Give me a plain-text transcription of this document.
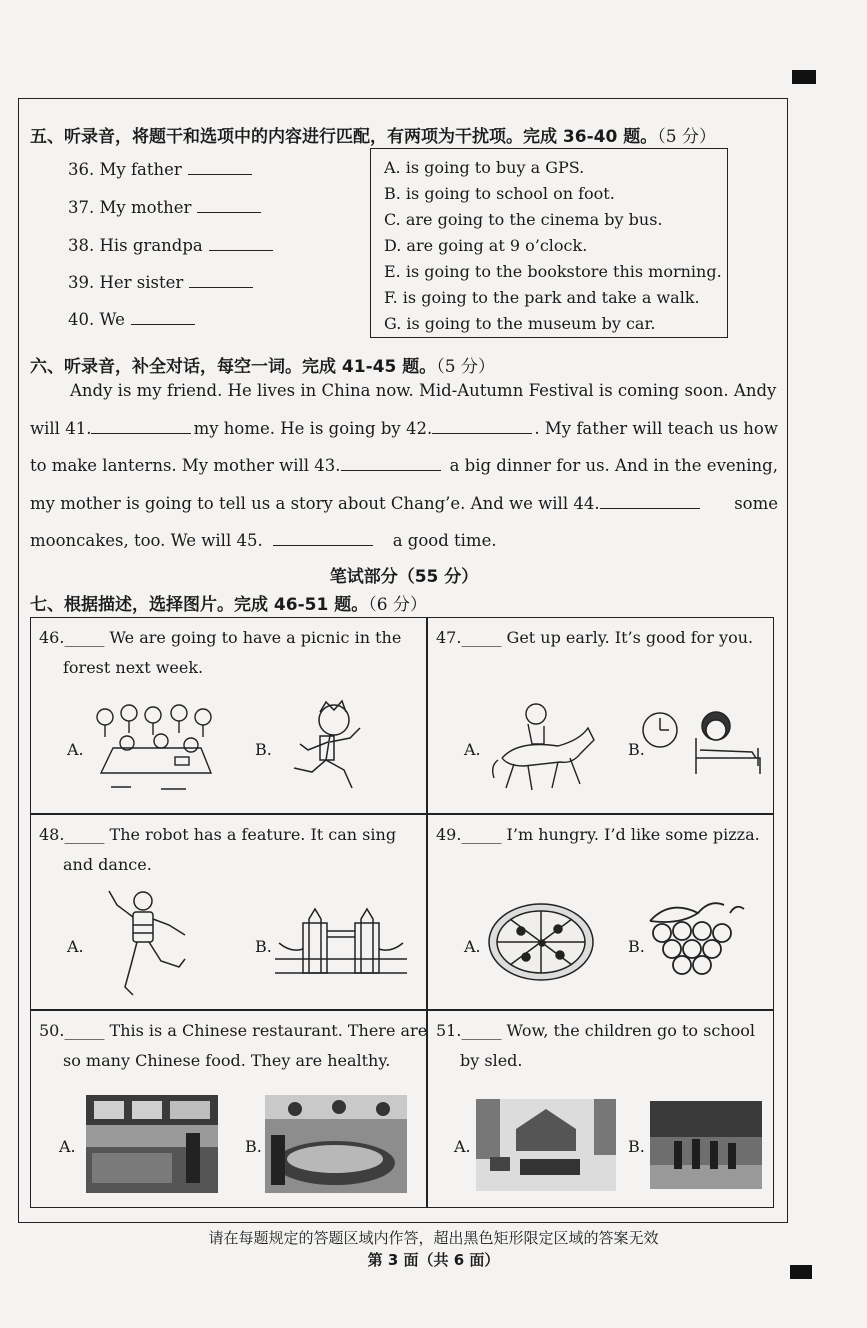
五、听录音，将题干和选项中的内容进行匹配，有两项为干扰项。完成 36-40 题。（5 分）
36. My father
37. My mother
38. His grandpa
39. Her sister
40. We
A. is going to buy a GPS.
B. is going to school on foot.
C. are going to the cinema by bus.
D. are going at 9 o’clock.
E. is going to the bookstore this morning.
F. is going to the park and take a walk.
G. is going to the museum by car.
六、听录音，补全对话，每空一词。完成 41-45 题。（5 分）
Andy is my friend. He lives in China now. Mid-Autumn Festival is coming soon. Andy
will 41.	my home. He is going by 42.	. My father will teach us how
to make lanterns. My mother will 43.	a big dinner for us. And in the evening,
my mother is going to tell us a story about Chang’e. And we will 44.	some
mooncakes, too. We will 45.	a good time.
笔试部分（55 分）
七、根据描述，选择图片。完成 46-51 题。（6 分）
46._____ We are going to have a picnic in the
forest next week.
A.	B.
47._____ Get up early. It’s good for you.
A.	B.
48._____ The robot has a feature. It can sing
and dance.
A.	B.
49._____ I’m hungry. I’d like some pizza.
A.	B.
50._____ This is a Chinese restaurant. There are
so many Chinese food. They are healthy.
A.	B.
51._____ Wow, the children go to school
by sled.
A.	B.
请在每题规定的答题区域内作答，超出黑色矩形限定区域的答案无效
第 3 面（共 6 面）
